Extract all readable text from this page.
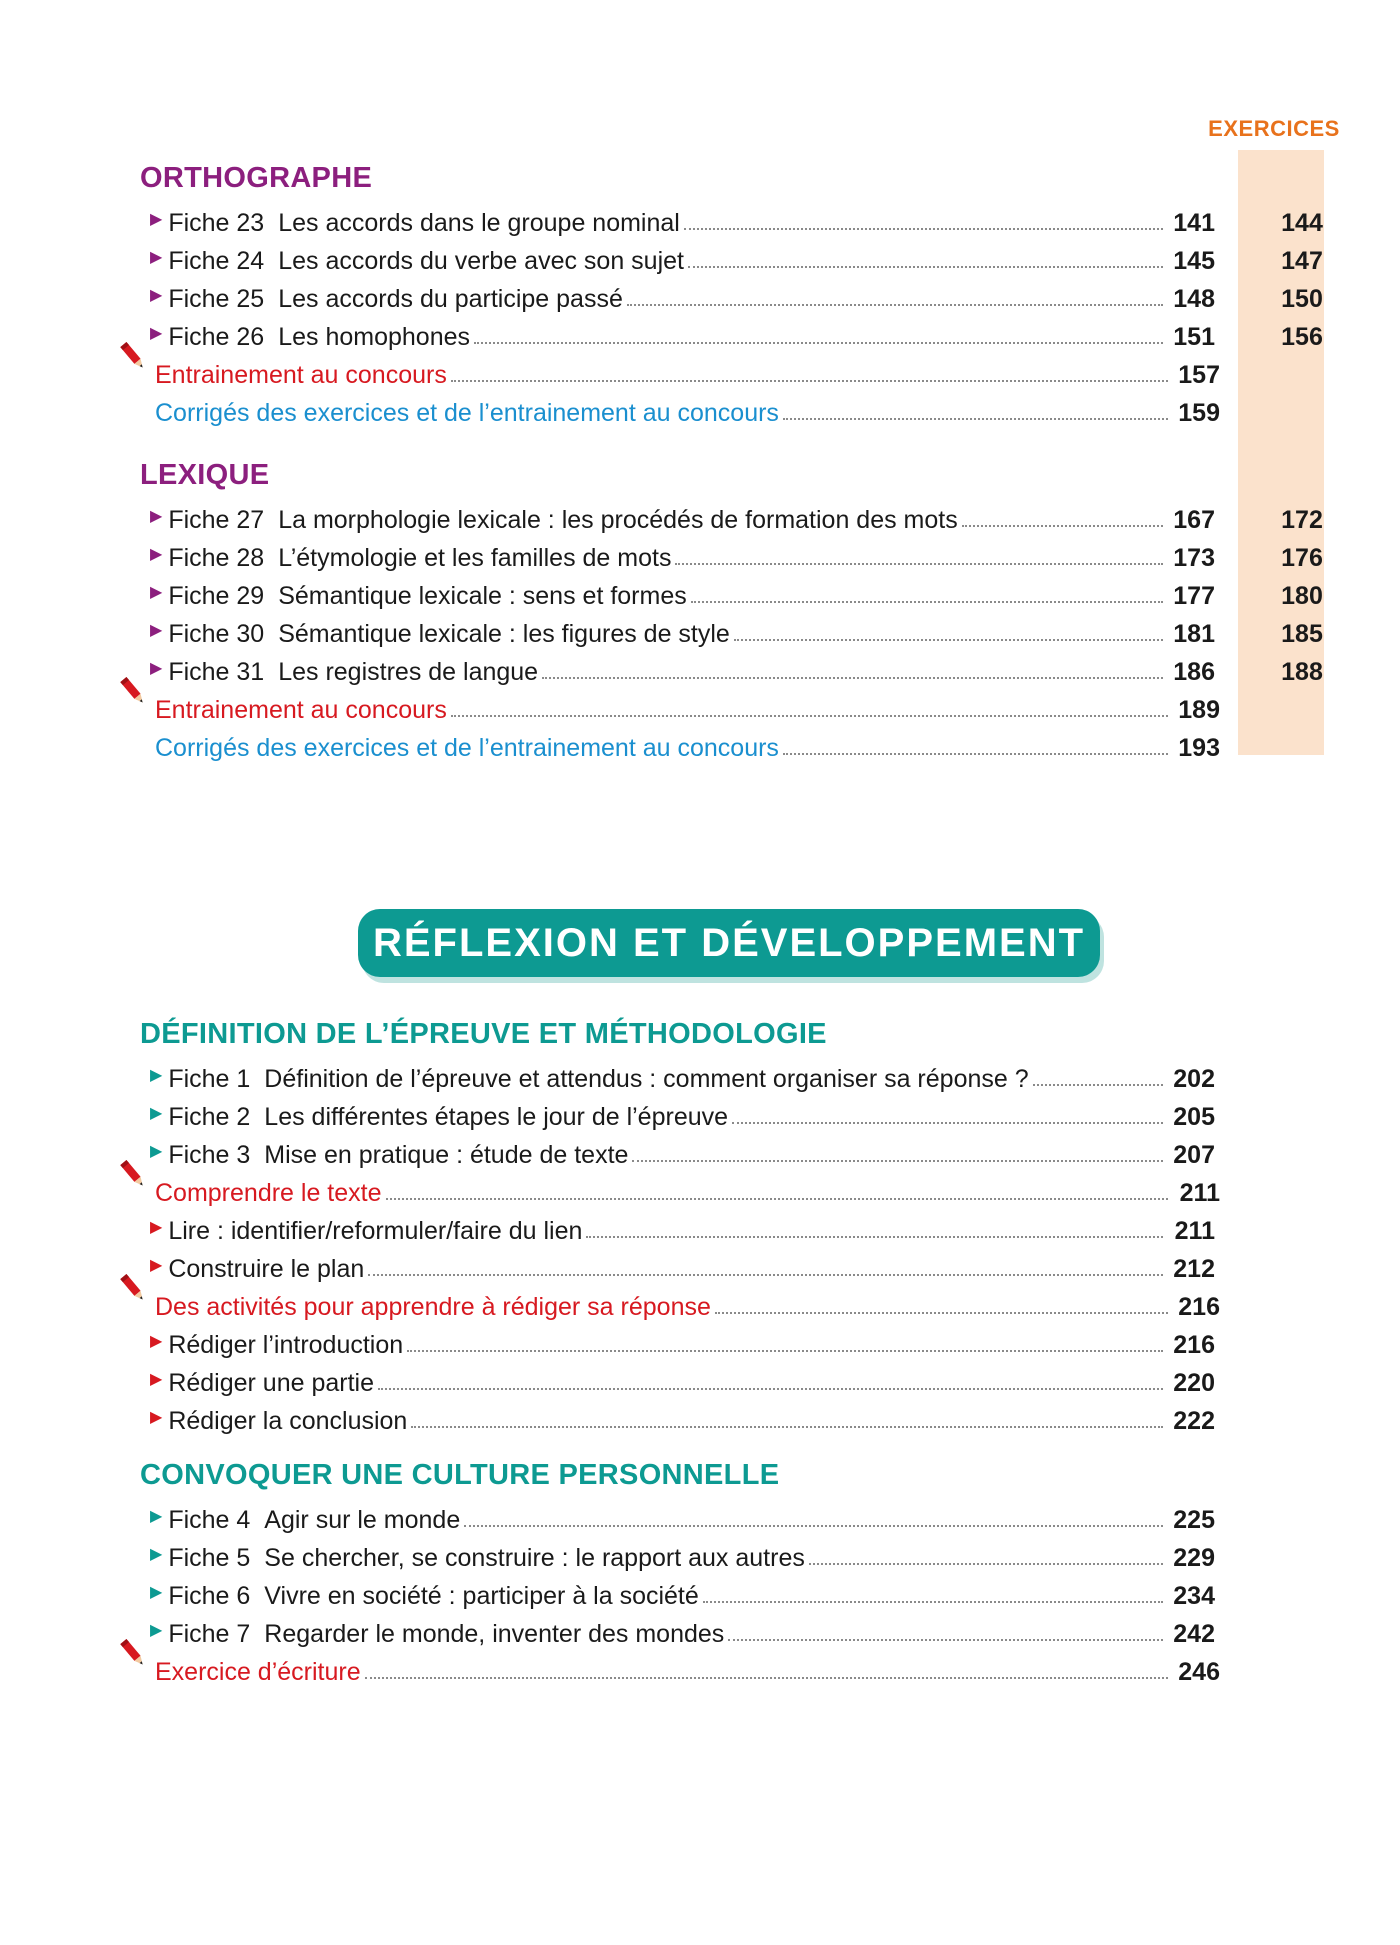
EXERCICES
ORTHOGRAPHE
▶ Fiche 23 Les accords dans le groupe nominal	141	144
▶ Fiche 24 Les accords du verbe avec son sujet	145	147
▶ Fiche 25 Les accords du participe passé	148	150
▶ Fiche 26 Les homophones	151	156
Entrainement au concours	157
Corrigés des exercices et de l’entrainement au concours	159
LEXIQUE
▶ Fiche 27 La morphologie lexicale : les procédés de formation des mots	167	172
▶ Fiche 28 L’étymologie et les familles de mots	173	176
▶ Fiche 29 Sémantique lexicale : sens et formes	177	180
▶ Fiche 30 Sémantique lexicale : les figures de style	181	185
▶ Fiche 31 Les registres de langue	186	188
Entrainement au concours	189
Corrigés des exercices et de l’entrainement au concours	193
RÉFLEXION ET DÉVELOPPEMENT
DÉFINITION DE L’ÉPREUVE ET MÉTHODOLOGIE
▶ Fiche 1 Définition de l’épreuve et attendus : comment organiser sa réponse ?	202
▶ Fiche 2 Les différentes étapes le jour de l’épreuve	205
▶ Fiche 3 Mise en pratique : étude de texte	207
Comprendre le texte	211
▶ Lire : identifier/reformuler/faire du lien	211
▶ Construire le plan	212
Des activités pour apprendre à rédiger sa réponse	216
▶ Rédiger l’introduction	216
▶ Rédiger une partie	220
▶ Rédiger la conclusion	222
CONVOQUER UNE CULTURE PERSONNELLE
▶ Fiche 4 Agir sur le monde	225
▶ Fiche 5 Se chercher, se construire : le rapport aux autres	229
▶ Fiche 6 Vivre en société : participer à la société	234
▶ Fiche 7 Regarder le monde, inventer des mondes	242
Exercice d’écriture	246
